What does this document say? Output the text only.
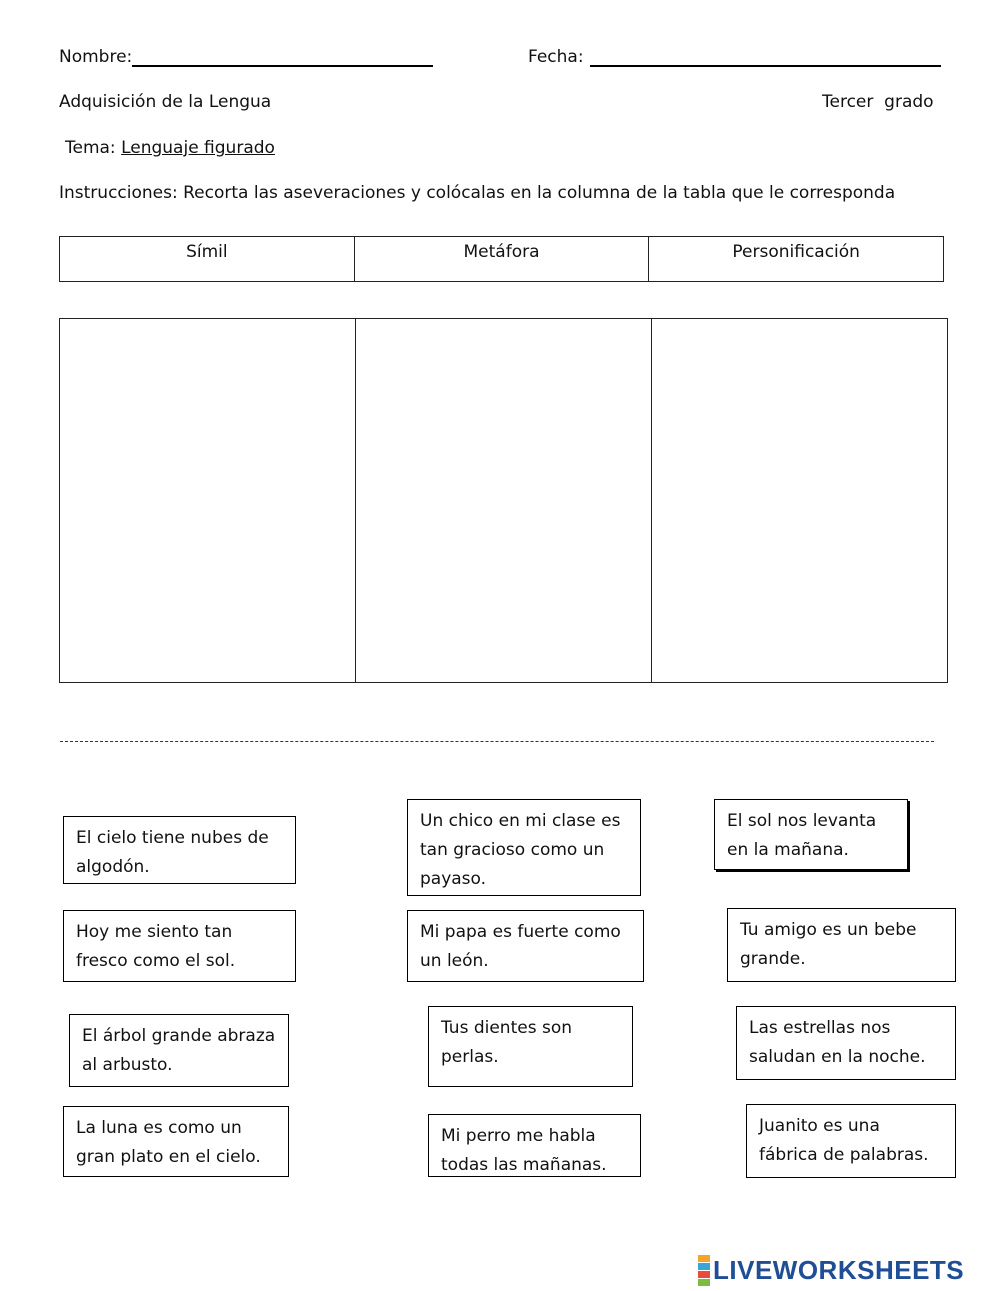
Nombre:	Fecha:
Adquisición de la Lengua	Tercer  grado
Tema: Lenguaje figurado
Instrucciones: Recorta las aseveraciones y colócalas en la columna de la tabla que le corresponda
Símil	Metáfora	Personificación
El cielo tiene nubes de algodón.
Un chico en mi clase es tan gracioso como un payaso.
El sol nos levanta en la mañana.
Hoy me siento tan fresco como el sol.
Mi papa es fuerte como un león.
Tu amigo es un bebe grande.
El árbol grande abraza al arbusto.
Tus dientes son perlas.
Las estrellas nos saludan en la noche.
La luna es como un gran plato en el cielo.
Mi perro me habla todas las mañanas.
Juanito es una fábrica de palabras.
LIVEWORKSHEETS
